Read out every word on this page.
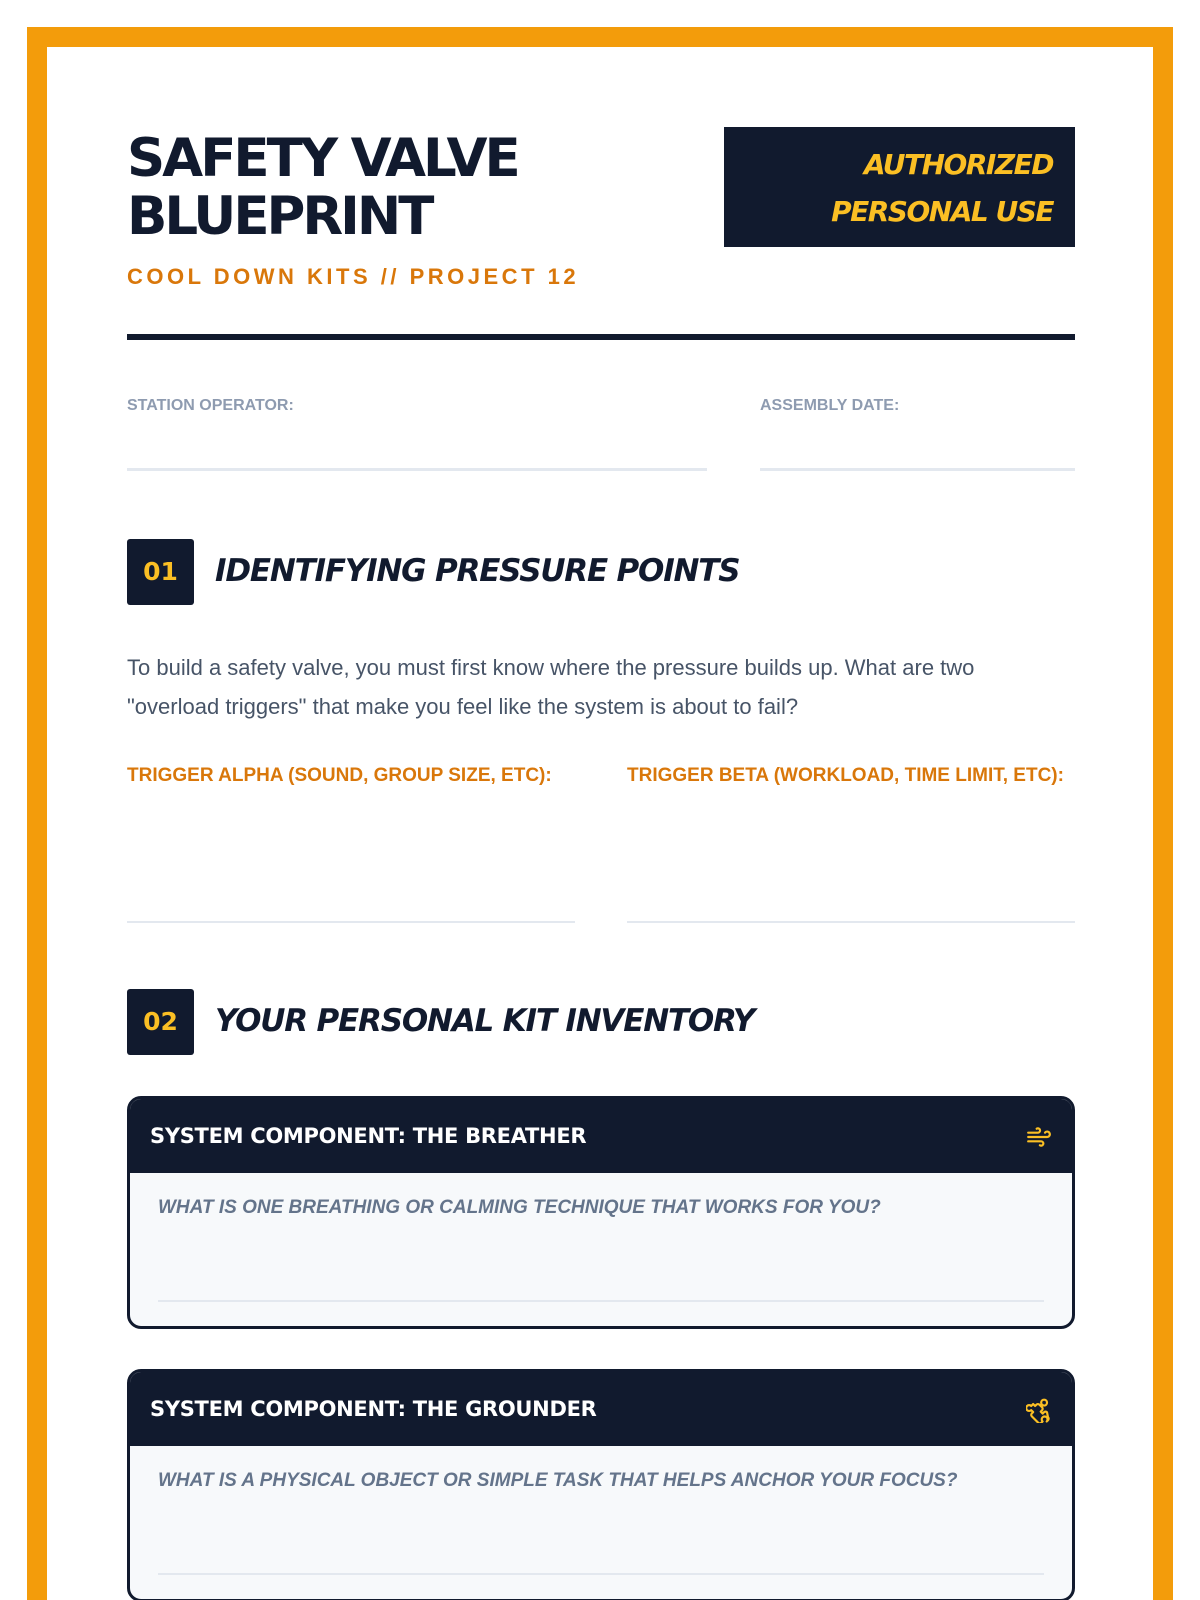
SAFETY VALVE
BLUEPRINT
COOL DOWN KITS // PROJECT 12
AUTHORIZED
PERSONAL USE
STATION OPERATOR:	ASSEMBLY DATE:
01	IDENTIFYING PRESSURE POINTS

To build a safety valve, you must first know where the pressure builds up. What are two "overload triggers" that make you feel like the system is about to fail?

TRIGGER ALPHA (SOUND, GROUP SIZE, ETC):	TRIGGER BETA (WORKLOAD, TIME LIMIT, ETC):
02	YOUR PERSONAL KIT INVENTORY
SYSTEM COMPONENT: THE BREATHER
WHAT IS ONE BREATHING OR CALMING TECHNIQUE THAT WORKS FOR YOU?
SYSTEM COMPONENT: THE GROUNDER
WHAT IS A PHYSICAL OBJECT OR SIMPLE TASK THAT HELPS ANCHOR YOUR FOCUS?
